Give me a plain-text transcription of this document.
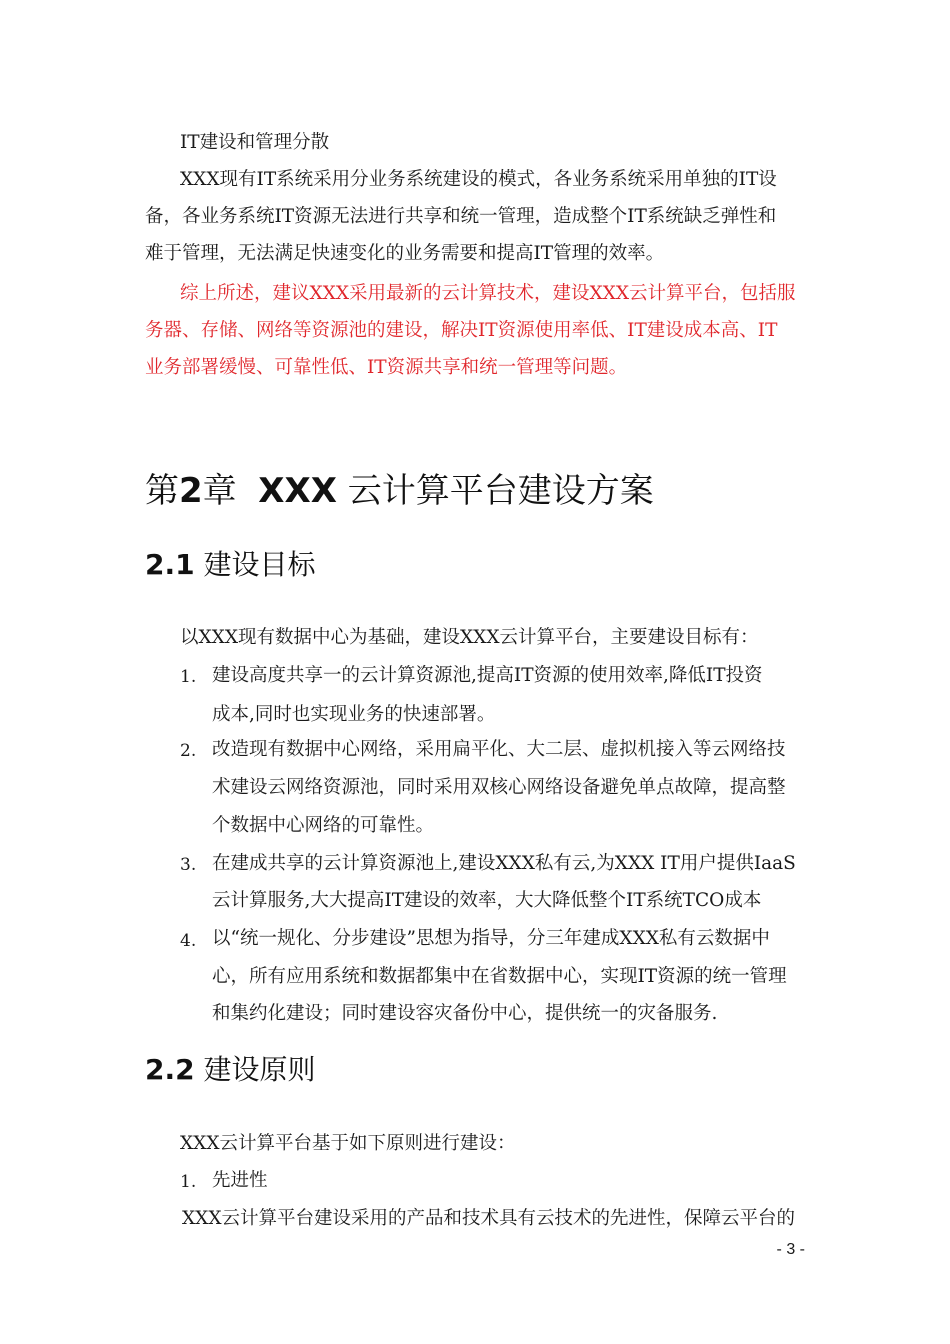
IT建设和管理分散
XXX现有IT系统采用分业务系统建设的模式，各业务系统采用单独的IT设
备，各业务系统IT资源无法进行共享和统一管理，造成整个IT系统缺乏弹性和
难于管理，无法满足快速变化的业务需要和提高IT管理的效率。
综上所述，建议XXX采用最新的云计算技术，建设XXX云计算平台，包括服
务器、存储、网络等资源池的建设，解决IT资源使用率低、IT建设成本高、IT
业务部署缓慢、可靠性低、IT资源共享和统一管理等问题。
第2章 XXX 云计算平台建设方案
2.1 建设目标
以XXX现有数据中心为基础，建设XXX云计算平台，主要建设目标有：
1. 建设高度共享一的云计算资源池,提高IT资源的使用效率,降低IT投资
成本,同时也实现业务的快速部署。
2. 改造现有数据中心网络，采用扁平化、大二层、虚拟机接入等云网络技
术建设云网络资源池，同时采用双核心网络设备避免单点故障，提高整
个数据中心网络的可靠性。
3. 在建成共享的云计算资源池上,建设XXX私有云,为XXX IT用户提供IaaS
云计算服务,大大提高IT建设的效率，大大降低整个IT系统TCO成本
4. 以“统一规化、分步建设”思想为指导，分三年建成XXX私有云数据中
心，所有应用系统和数据都集中在省数据中心，实现IT资源的统一管理
和集约化建设；同时建设容灾备份中心，提供统一的灾备服务.
2.2 建设原则
XXX云计算平台基于如下原则进行建设：
1. 先进性
XXX云计算平台建设采用的产品和技术具有云技术的先进性，保障云平台的
- 3 -
